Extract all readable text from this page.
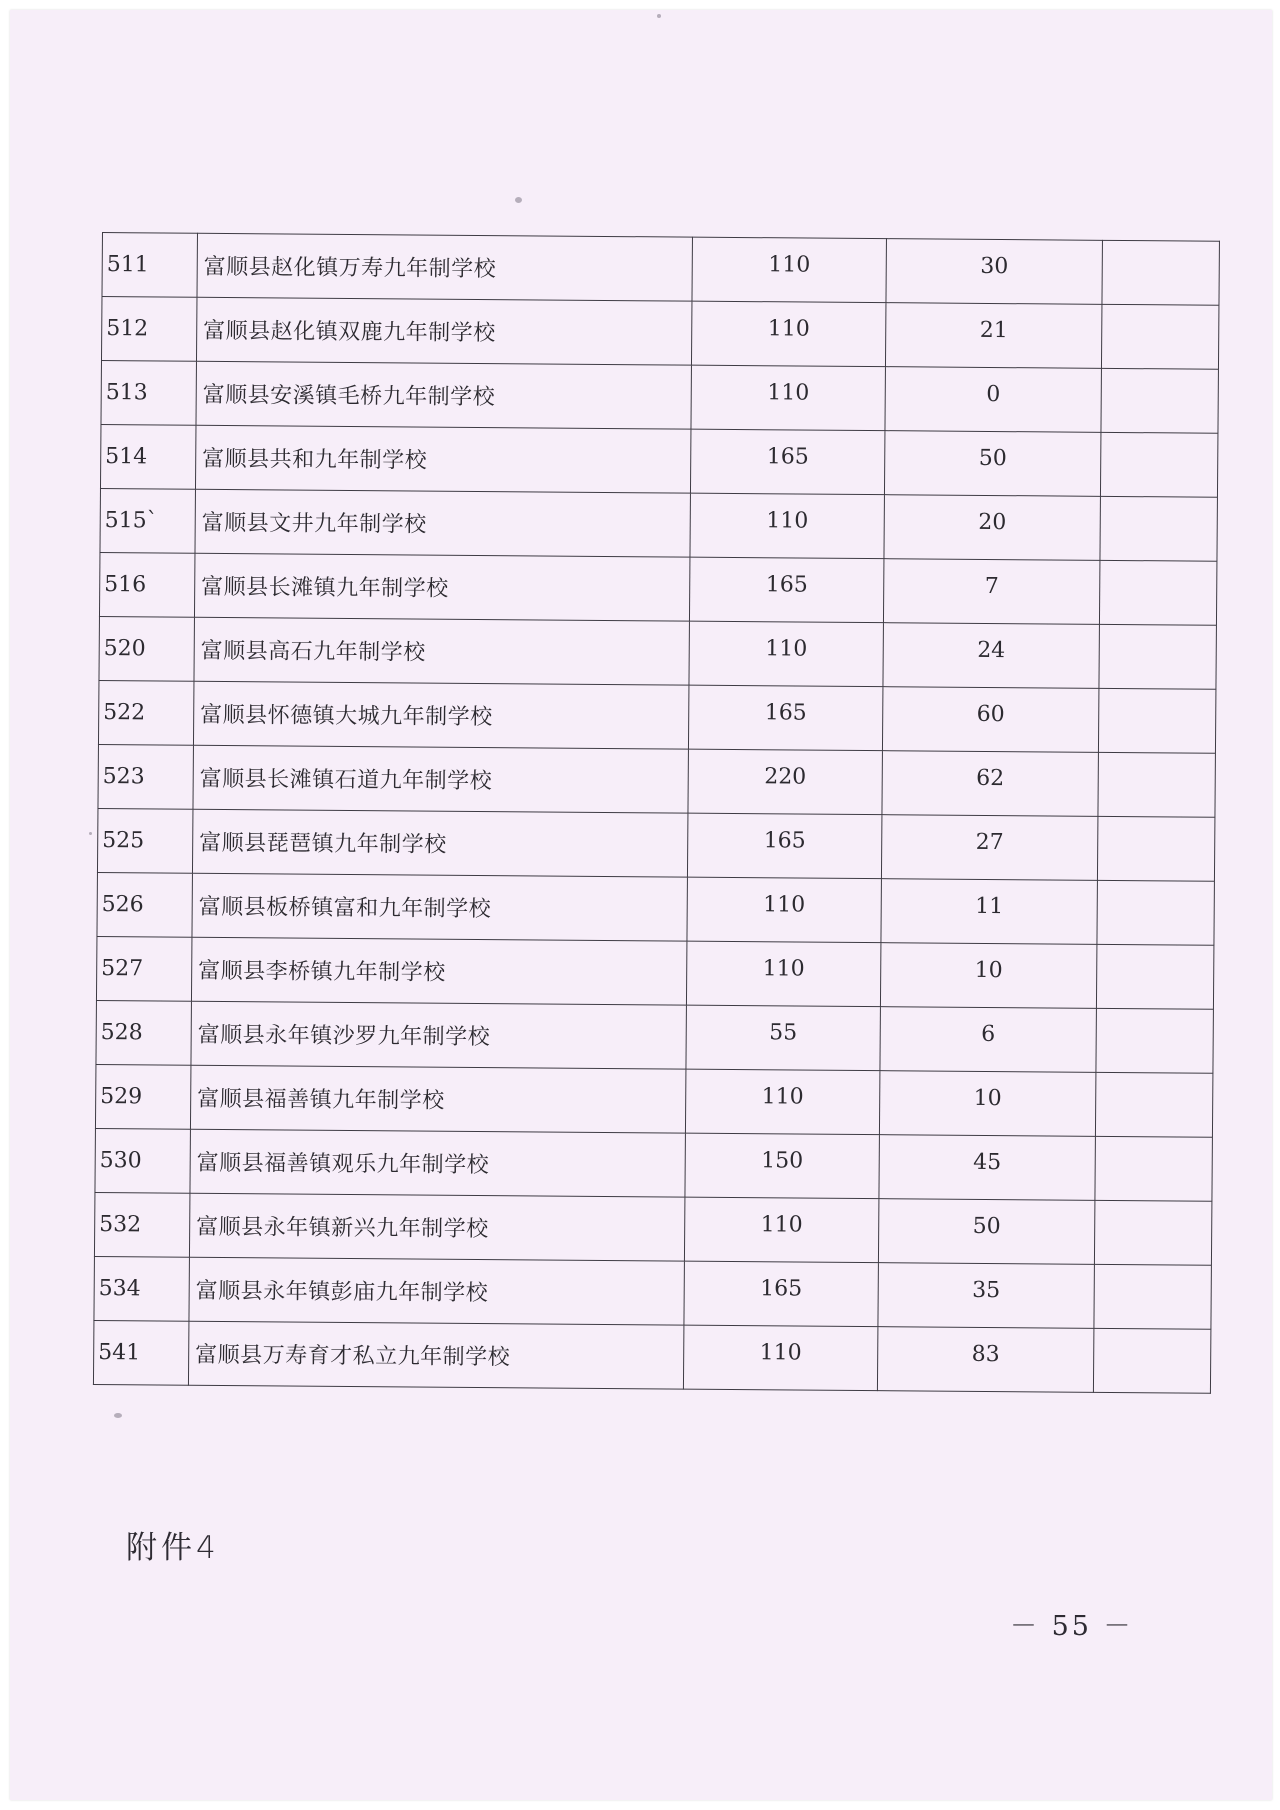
511	富顺县赵化镇万寿九年制学校	110	30	
512	富顺县赵化镇双鹿九年制学校	110	21	
513	富顺县安溪镇毛桥九年制学校	110	0	
514	富顺县共和九年制学校	165	50	
515`	富顺县文井九年制学校	110	20	
516	富顺县长滩镇九年制学校	165	7	
520	富顺县高石九年制学校	110	24	
522	富顺县怀德镇大城九年制学校	165	60	
523	富顺县长滩镇石道九年制学校	220	62	
525	富顺县琵琶镇九年制学校	165	27	
526	富顺县板桥镇富和九年制学校	110	11	
527	富顺县李桥镇九年制学校	110	10	
528	富顺县永年镇沙罗九年制学校	55	6	
529	富顺县福善镇九年制学校	110	10	
530	富顺县福善镇观乐九年制学校	150	45	
532	富顺县永年镇新兴九年制学校	110	50	
534	富顺县永年镇彭庙九年制学校	165	35	
541	富顺县万寿育才私立九年制学校	110	83	
附件4
－ 55 －
